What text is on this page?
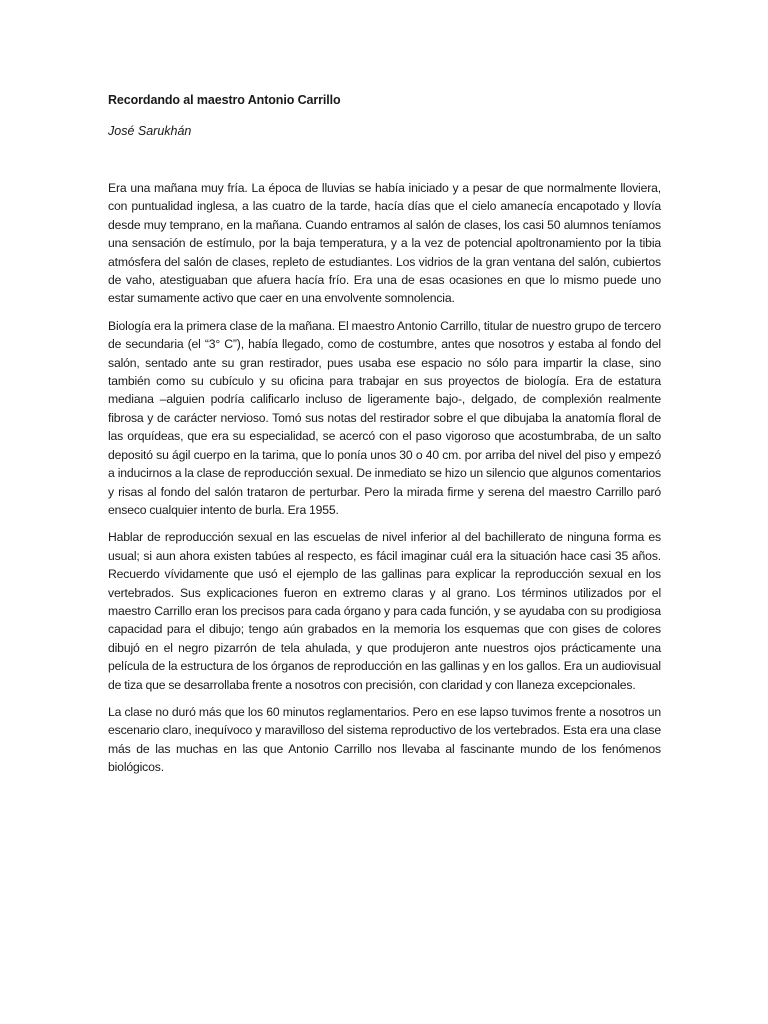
Recordando al maestro Antonio Carrillo

José Sarukhán

Era una mañana muy fría. La época de lluvias se había iniciado y a pesar de que normalmente lloviera, con puntualidad inglesa, a las cuatro de la tarde, hacía días que el cielo amanecía encapotado y llovía desde muy temprano, en la mañana. Cuando entramos al salón de clases, los casi 50 alumnos teníamos una sensación de estímulo, por la baja temperatura, y a la vez de potencial apoltronamiento por la tibia atmósfera del salón de clases, repleto de estudiantes. Los vidrios de la gran ventana del salón, cubiertos de vaho, atestiguaban que afuera hacía frío. Era una de esas ocasiones en que lo mismo puede uno estar sumamente activo que caer en una envolvente somnolencia.

Biología era la primera clase de la mañana. El maestro Antonio Carrillo, titular de nuestro grupo de tercero de secundaria (el “3° C”), había llegado, como de costumbre, antes que nosotros y estaba al fondo del salón, sentado ante su gran restirador, pues usaba ese espacio no sólo para impartir la clase, sino también como su cubículo y su oficina para trabajar en sus proyectos de biología. Era de estatura mediana –alguien podría calificarlo incluso de ligeramente bajo-, delgado, de complexión realmente fibrosa y de carácter nervioso. Tomó sus notas del restirador sobre el que dibujaba la anatomía floral de las orquídeas, que era su especialidad, se acercó con el paso vigoroso que acostumbraba, de un salto depositó su ágil cuerpo en la tarima, que lo ponía unos 30 o 40 cm. por arriba del nivel del piso y empezó a inducirnos a la clase de reproducción sexual. De inmediato se hizo un silencio que algunos comentarios y risas al fondo del salón trataron de perturbar. Pero la mirada firme y serena del maestro Carrillo paró enseco cualquier intento de burla. Era 1955.

Hablar de reproducción sexual en las escuelas de nivel inferior al del bachillerato de ninguna forma es usual; si aun ahora existen tabúes al respecto, es fácil imaginar cuál era la situación hace casi 35 años. Recuerdo vívidamente que usó el ejemplo de las gallinas para explicar la reproducción sexual en los vertebrados. Sus explicaciones fueron en extremo claras y al grano. Los términos utilizados por el maestro Carrillo eran los precisos para cada órgano y para cada función, y se ayudaba con su prodigiosa capacidad para el dibujo; tengo aún grabados en la memoria los esquemas que con gises de colores dibujó en el negro pizarrón de tela ahulada, y que produjeron ante nuestros ojos prácticamente una película de la estructura de los órganos de reproducción en las gallinas y en los gallos. Era un audiovisual de tiza que se desarrollaba frente a nosotros con precisión, con claridad y con llaneza excepcionales.

La clase no duró más que los 60 minutos reglamentarios. Pero en ese lapso tuvimos frente a nosotros un escenario claro, inequívoco y maravilloso del sistema reproductivo de los vertebrados. Esta era una clase más de las muchas en las que Antonio Carrillo nos llevaba al fascinante mundo de los fenómenos biológicos.
